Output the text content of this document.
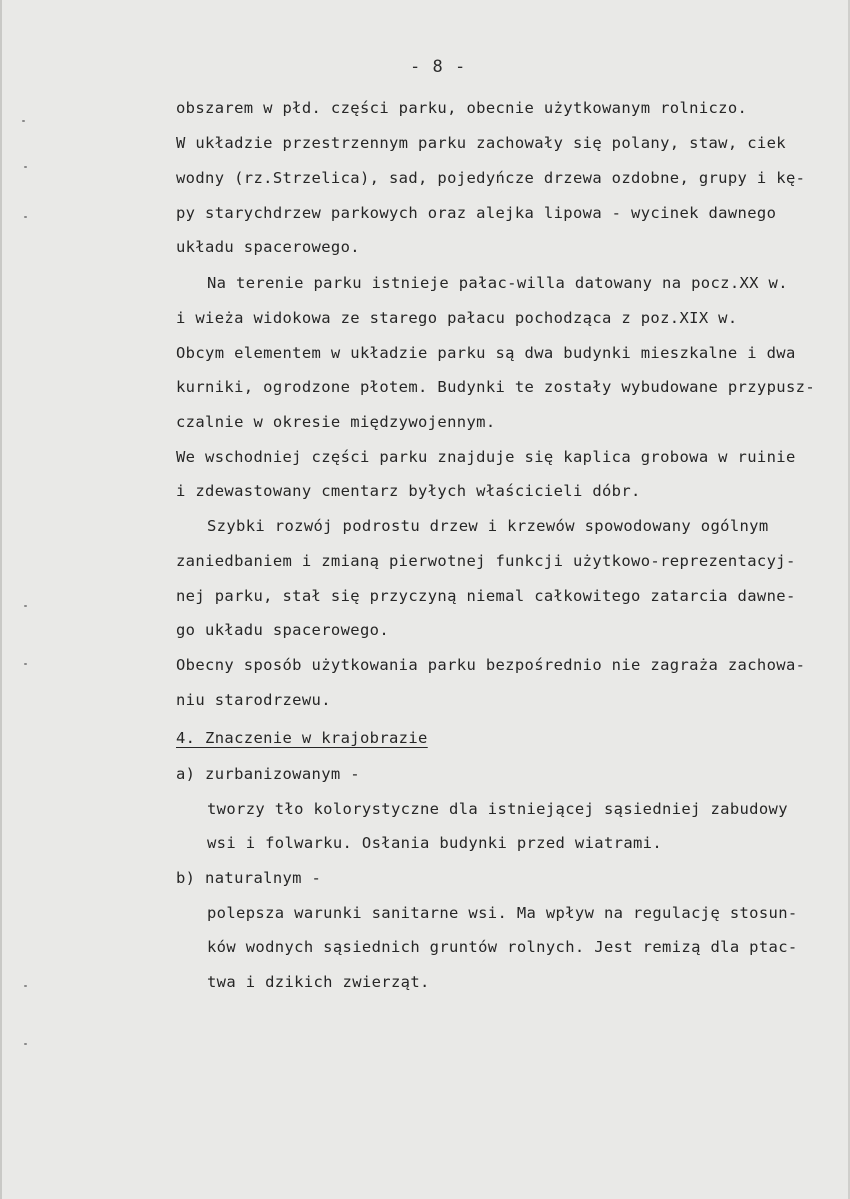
- 8 -
obszarem w płd. części parku, obecnie użytkowanym rolniczo.
W układzie przestrzennym parku zachowały się polany, staw, ciek
wodny (rz.Strzelica), sad, pojedyńcze drzewa ozdobne, grupy i kę-
py starychdrzew parkowych oraz alejka lipowa - wycinek dawnego
układu spacerowego.
Na terenie parku istnieje pałac-willa datowany na pocz.XX w.
i wieża widokowa ze starego pałacu pochodząca z poz.XIX w.
Obcym elementem w układzie parku są dwa budynki mieszkalne i dwa
kurniki, ogrodzone płotem. Budynki te zostały wybudowane przypusz-
czalnie w okresie międzywojennym.
We wschodniej części parku znajduje się kaplica grobowa w ruinie
i zdewastowany cmentarz byłych właścicieli dóbr.
Szybki rozwój podrostu drzew i krzewów spowodowany ogólnym
zaniedbaniem i zmianą pierwotnej funkcji użytkowo-reprezentacyj-
nej parku, stał się przyczyną niemal całkowitego zatarcia dawne-
go układu spacerowego.
Obecny sposób użytkowania parku bezpośrednio nie zagraża zachowa-
niu starodrzewu.
4. Znaczenie w krajobrazie
a) zurbanizowanym -
tworzy tło kolorystyczne dla istniejącej sąsiedniej zabudowy
wsi i folwarku. Osłania budynki przed wiatrami.
b) naturalnym -
polepsza warunki sanitarne wsi. Ma wpływ na regulację stosun-
ków wodnych sąsiednich gruntów rolnych. Jest remizą dla ptac-
twa i dzikich zwierząt.
